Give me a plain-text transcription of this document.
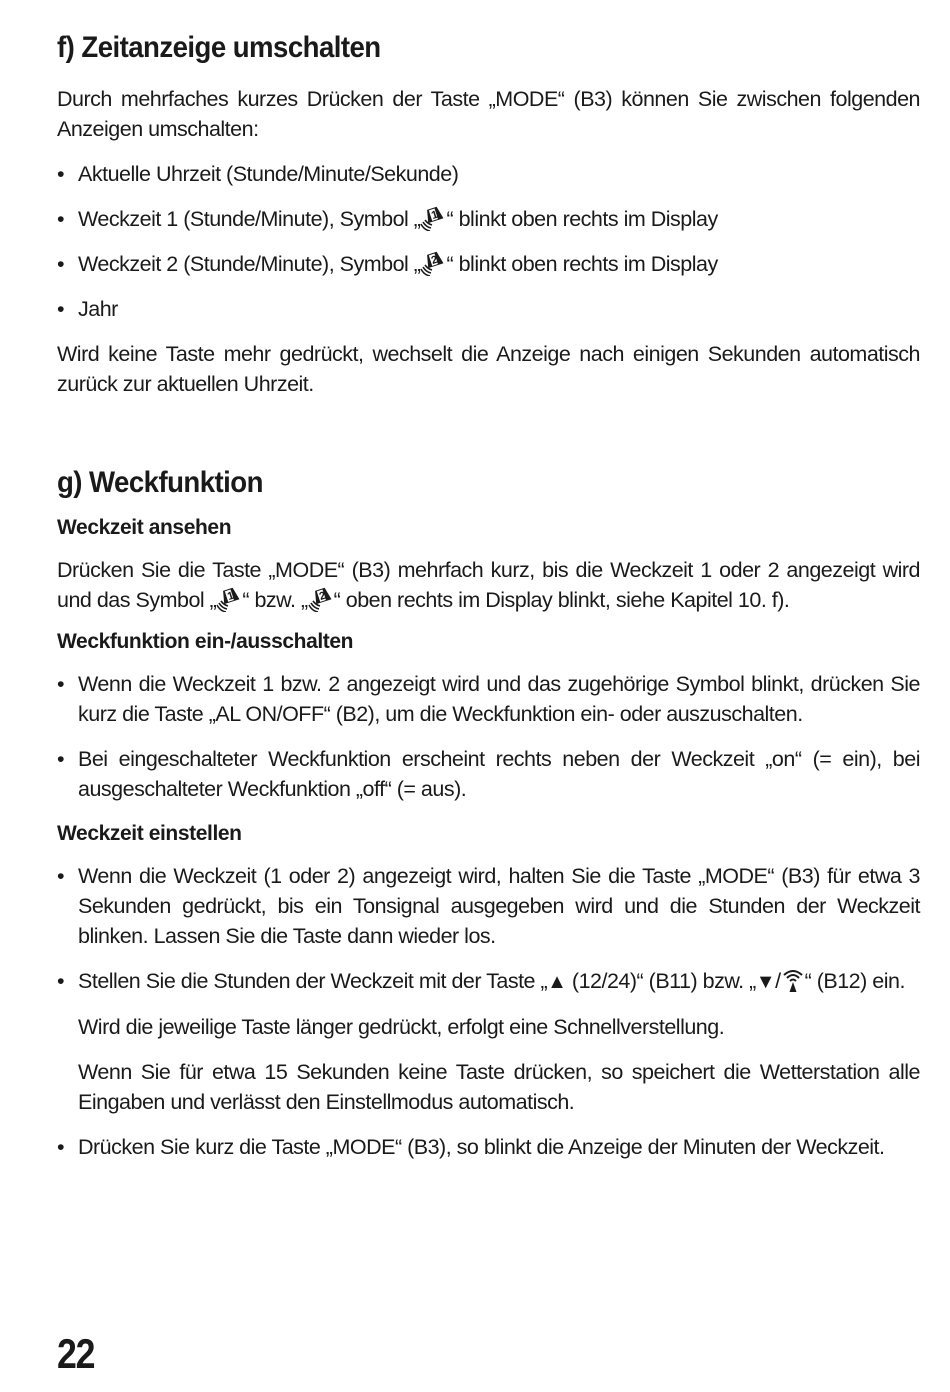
f) Zeitanzeige umschalten

Durch mehrfaches kurzes Drücken der Taste „MODE“ (B3) können Sie zwischen folgenden Anzeigen umschalten:

• Aktuelle Uhrzeit (Stunde/Minute/Sekunde)
• Weckzeit 1 (Stunde/Minute), Symbol „ 1 “ blinkt oben rechts im Display
• Weckzeit 2 (Stunde/Minute), Symbol „ 2 “ blinkt oben rechts im Display
• Jahr

Wird keine Taste mehr gedrückt, wechselt die Anzeige nach einigen Sekunden automatisch zurück zur aktuellen Uhrzeit.

g) Weckfunktion
Weckzeit ansehen

Drücken Sie die Taste „MODE“ (B3) mehrfach kurz, bis die Weckzeit 1 oder 2 angezeigt wird und das Symbol „ 1 “ bzw. „ 2 “ oben rechts im Display blinkt, siehe Kapitel 10. f).

Weckfunktion ein-/ausschalten
• Wenn die Weckzeit 1 bzw. 2 angezeigt wird und das zugehörige Symbol blinkt, drücken Sie kurz die Taste „AL ON/OFF“ (B2), um die Weckfunktion ein- oder auszuschalten.
• Bei eingeschalteter Weckfunktion erscheint rechts neben der Weckzeit „on“ (= ein), bei ausgeschalteter Weckfunktion „off“ (= aus).
Weckzeit einstellen
• Wenn die Weckzeit (1 oder 2) angezeigt wird, halten Sie die Taste „MODE“ (B3) für etwa 3 Sekunden gedrückt, bis ein Tonsignal ausgegeben wird und die Stunden der Weckzeit blinken. Lassen Sie die Taste dann wieder los.
• Stellen Sie die Stunden der Weckzeit mit der Taste „▲ (12/24)“ (B11) bzw. „▼/ “ (B12) ein.

Wird die jeweilige Taste länger gedrückt, erfolgt eine Schnellverstellung.

Wenn Sie für etwa 15 Sekunden keine Taste drücken, so speichert die Wetterstation alle Eingaben und verlässt den Einstellmodus automatisch.

• Drücken Sie kurz die Taste „MODE“ (B3), so blinkt die Anzeige der Minuten der Weckzeit.
22
